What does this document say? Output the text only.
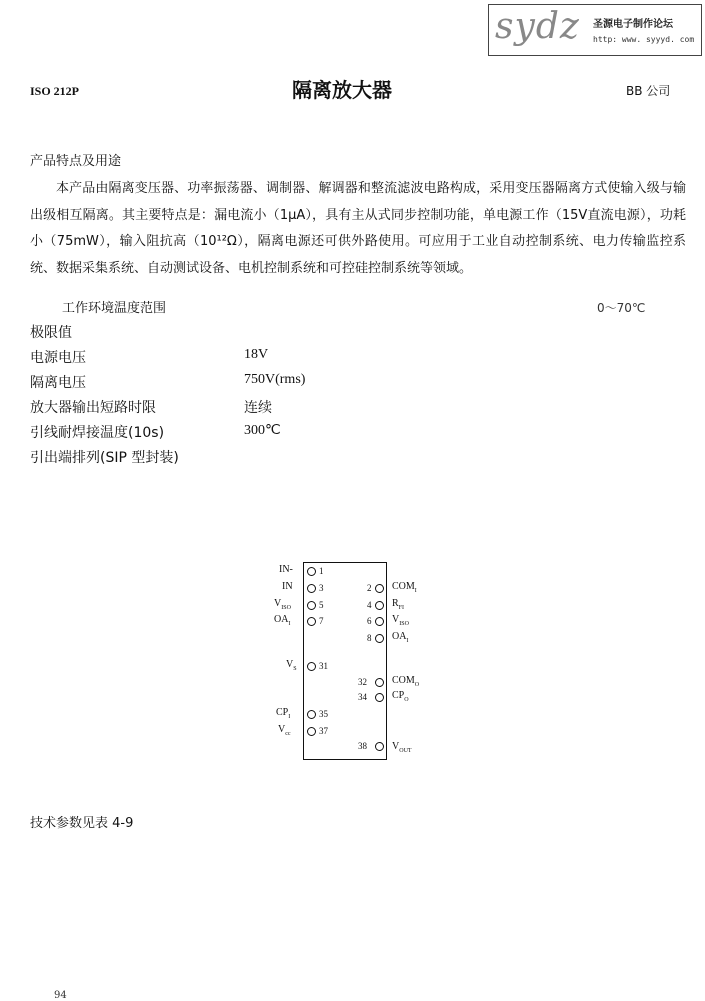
sydz 圣源电子制作论坛
http: www. syyyd. com
ISO 212P	隔离放大器	BB 公司
产品特点及用途
本产品由隔离变压器、功率振荡器、调制器、解调器和整流滤波电路构成，采用变压器隔离方式使输入级与输出级相互隔离。其主要特点是：漏电流小（1μA），具有主从式同步控制功能，单电源工作（15V直流电源），功耗小（75mW），输入阻抗高（10¹²Ω），隔离电源还可供外路使用。可应用于工业自动控制系统、电力传输监控系统、数据采集系统、自动测试设备、电机控制系统和可控硅控制系统等领域。
工作环境温度范围	0～70℃
极限值
电源电压	18V
隔离电压	750V(rms)
放大器输出短路时限	连续
引线耐焊接温度(10s)	300℃
引出端排列(SIP 型封装)
IN-	1
IN	3
$V_{ISO}$	5
$OA_I$	7
$V_S$ 31
$CP_I$	35
$V_{cc}$	37
2 $COM_I$
4 $R_{FI}$
6 $V_{ISO}$
8 $OA_I$
32	$COM_O$
34	$CP_O$
38	$V_{OUT}$
技术参数见表 4-9
94
